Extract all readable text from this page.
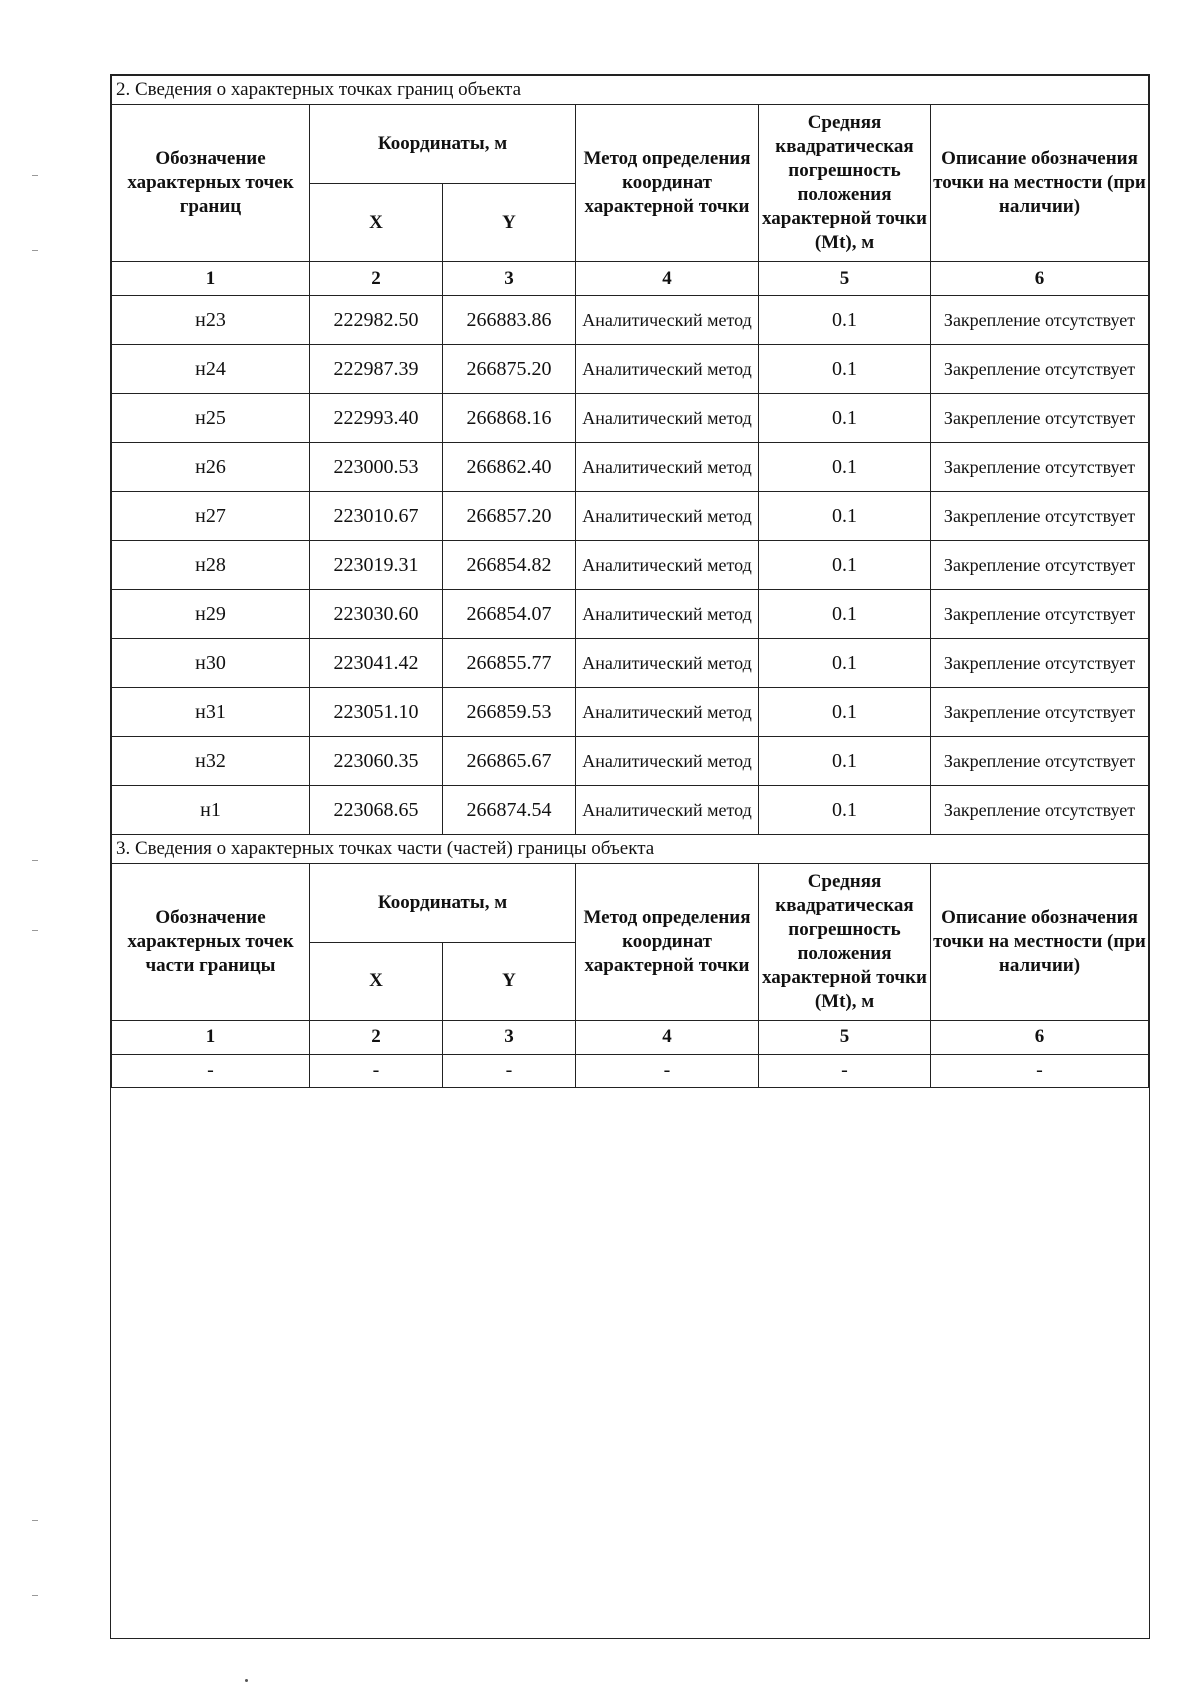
2. Сведения о характерных точках границ объекта					
Обозначение характерных точек границ	Координаты, м		Метод определения координат характерной точки	Средняя квадратическая погрешность положения характерной точки (Mt), м	Описание обозначения точки на местности (при наличии)
	X	Y			
1	2	3	4	5	6
н23	222982.50	266883.86	Аналитический метод	0.1	Закрепление отсутствует
н24	222987.39	266875.20	Аналитический метод	0.1	Закрепление отсутствует
н25	222993.40	266868.16	Аналитический метод	0.1	Закрепление отсутствует
н26	223000.53	266862.40	Аналитический метод	0.1	Закрепление отсутствует
н27	223010.67	266857.20	Аналитический метод	0.1	Закрепление отсутствует
н28	223019.31	266854.82	Аналитический метод	0.1	Закрепление отсутствует
н29	223030.60	266854.07	Аналитический метод	0.1	Закрепление отсутствует
н30	223041.42	266855.77	Аналитический метод	0.1	Закрепление отсутствует
н31	223051.10	266859.53	Аналитический метод	0.1	Закрепление отсутствует
н32	223060.35	266865.67	Аналитический метод	0.1	Закрепление отсутствует
н1	223068.65	266874.54	Аналитический метод	0.1	Закрепление отсутствует
3. Сведения о характерных точках части (частей) границы объекта					
Обозначение характерных точек части границы	Координаты, м		Метод определения координат характерной точки	Средняя квадратическая погрешность положения характерной точки (Mt), м	Описание обозначения точки на местности (при наличии)
	X	Y			
1	2	3	4	5	6
-	-	-	-	-	-
